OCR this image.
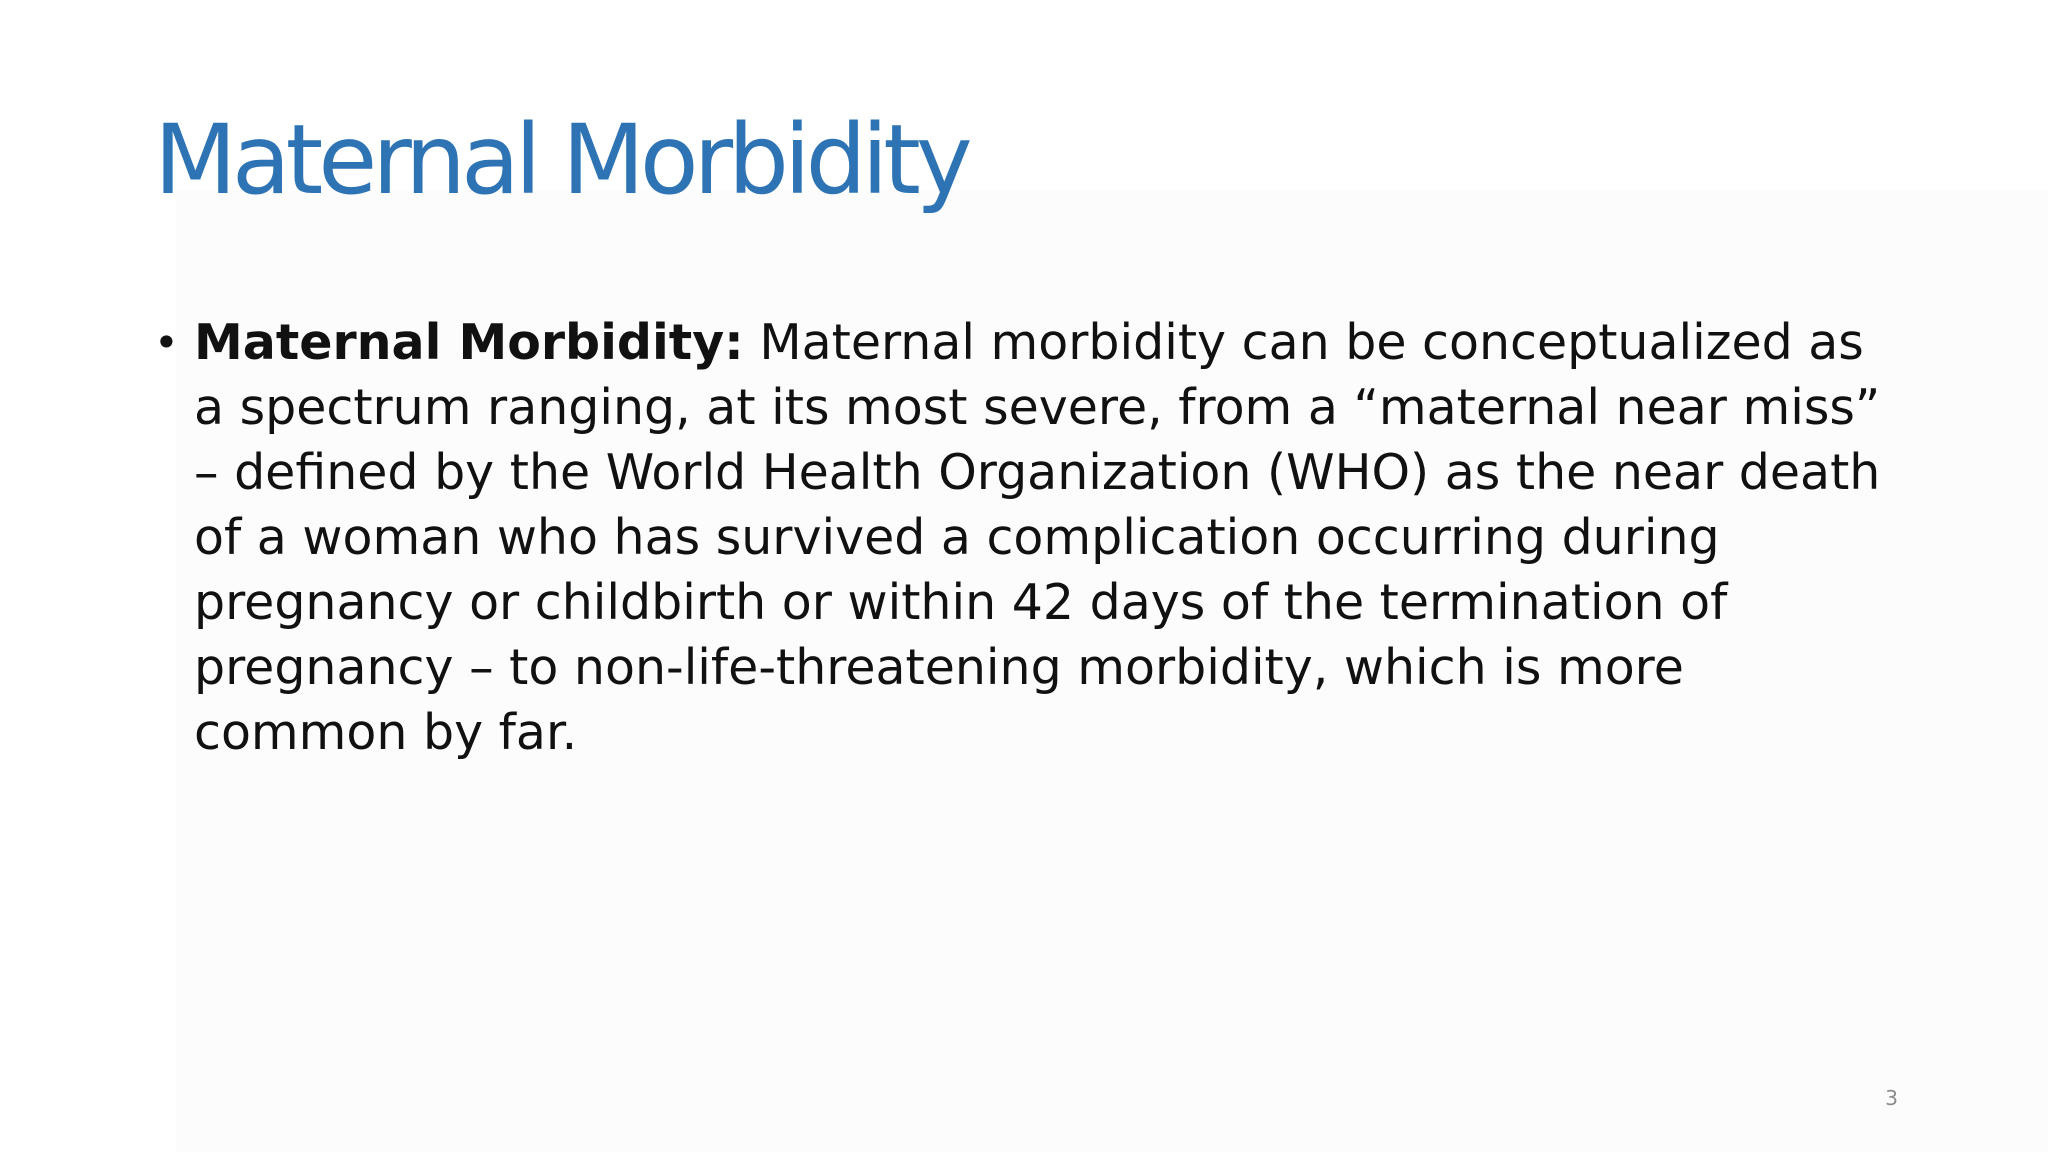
Maternal Morbidity
• Maternal Morbidity: Maternal morbidity can be conceptualized as a spectrum ranging, at its most severe, from a “maternal near miss” – defined by the World Health Organization (WHO) as the near death of a woman who has survived a complication occurring during pregnancy or childbirth or within 42 days of the termination of pregnancy – to non-life-threatening morbidity, which is more common by far.
3
